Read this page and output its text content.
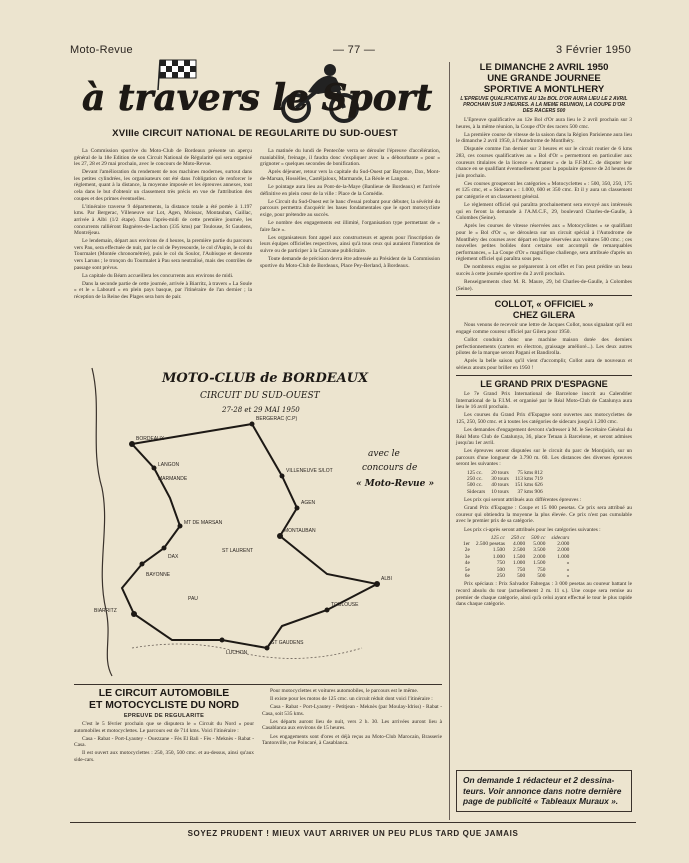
Moto-Revue	— 77 —	3 Février 1950
à travers le Sport
XVIIIe CIRCUIT NATIONAL DE REGULARITE DU SUD-OUEST

La Commission sportive du Moto-Club de Bordeaux présente un aperçu général de la 18e Edition de son Circuit National de Régularité qui sera organisé les 27, 28 et 29 mai prochain, avec le concours de Moto-Revue.

Devant l'amélioration du rendement de nos machines modernes, surtout dans les petites cylindrées, les organisateurs ont été dans l'obligation de renforcer le règlement, quant à la distance, la moyenne imposée et les épreuves annexes, tout cela dans le but d'obtenir un classement très précis en vue de l'attribution des coupes et des primes éventuelles.

L'itinéraire traverse 9 départements, la distance totale a été portée à 1.197 kms. Par Bergerac, Villeneuve sur Lot, Agen, Moissac, Montauban, Gaillac, arrivée à Albi (1/2 étape). Dans l'après-midi de cette première journée, les concurrents ralliéront Bagnères-de-Luchon (335 kms) par Toulouse, St Gaudens, Montréjeau.

Le lendemain, départ aux environs de 4 heures, la première partie du parcours vers Pau, sera effectuée de nuit, par le col de Peyresourde, le col d'Aspin, le col du Tourmalet (Montée chronométrée), puis le col du Soulor, l'Aubisque et descente vers Laruns ; le tronçon du Tourmalet à Pau sera neutralisé, mais des contrôles de passage sont prévus.

La capitale du Béarn accueillera les concurrents aux environs de midi.

Dans la seconde partie de cette journée, arrivée à Biarritz, à travers « La Soule » et le « Labourd » en plein pays basque, par l'itinéraire de l'an dernier ; la réception de la Reine des Plages sera hors de pair.

La matinée du lundi de Pentecôte verra se dérouler l'épreuve d'accélération, maniabilité, freinage, il faudra donc s'expliquer avec la « débourbante » pour « grignoter » quelques secondes de bonification.

Après déjeuner, retour vers la capitale du Sud-Ouest par Bayonne, Dax, Mont-de-Marsan, Hossèlles, Castéljaloux, Marmande, La Réole et Langon.

Le pointage aura lieu au Pont-de-la-Maye (Banlieue de Bordeaux) et l'arrivée définitive en plein cœur de la ville : Place de la Comédie.

Le Circuit du Sud-Ouest est le banc d'essai probant pour débuter, la sévérité du parcours permettra d'acquérir les bases fondamentales que le sport motocycliste exige, pour prétendre au succès.

Le nombre des engagements est illimité, l'organisation type permettant de « faire face ».

Les organisateurs font appel aux constructeurs et agents pour l'inscription de leurs équipes officielles respectives, ainsi qu'à tous ceux qui auraient l'intention de suivre ou de participer à la Caravane publicitaire.

Toute demande de précision devra être adressée au Président de la Commission sportive du Moto-Club de Bordeaux, Place Pey-Berland, à Bordeaux.

BORDEAUX
BERGERAC (C.P)
VILLENEUVE S/LOT
AGEN
MONTAUBAN
ALBI
TOULOUSE
ST GAUDENS
LUCHON
PAU
BIARRITZ
BAYONNE
DAX
MT DE MARSAN
MARMANDE
LANGON
ST LAURENT
MOTO-CLUB de BORDEAUX
CIRCUIT DU SUD-OUEST
27-28 et 29 MAI 1950
avec le
concours de
« Moto-Revue »
LE CIRCUIT AUTOMOBILE
ET MOTOCYCLISTE DU NORD
EPREUVE DE REGULARITE

C'est le 5 février prochain que se disputera le « Circuit du Nord » pour automobiles et motocyclettes. Le parcours est de 714 kms. Voici l'itinéraire :

Casa - Rabat - Port-Lyautey - Ouezzane - Fès El Bali - Fès - Meknès - Rabat - Casa.

Il est ouvert aux motocyclettes : 250, 350, 500 cmc. et au-dessus, ainsi qu'aux side-cars.

Pour motocyclettes et voitures automobiles, le parcours est le même.

Il existe pour les motos de 125 cmc. un circuit réduit dont voici l'itinéraire :

Casa - Rabat - Port-Lyautey - Petitjean - Meknès (par Moulay-Idriss) - Rabat - Casa, soit 535 kms.

Les départs auront lieu de nuit, vers 2 h. 30. Les arrivées auront lieu à Casablanca aux environs de 15 heures.

Les engagements sont d'ores et déjà reçus au Moto-Club Marocain, Brasserie Tantonville, rue Poincaré, à Casablanca.

LE DIMANCHE 2 AVRIL 1950
UNE GRANDE JOURNEE
SPORTIVE A MONTLHERY
L'EPREUVE QUALIFICATIVE AU 12e BOL D'OR AURA LIEU LE 2 AVRIL PROCHAIN SUR 3 HEURES. A LA MEME REUNION, LA COUPE D'OR DES RACERS 500

L'Epreuve qualificative au 12e Bol d'Or aura lieu le 2 avril prochain sur 3 heures, à la même réunion, la Coupe d'Or des racers 500 cmc.

La première course de vitesse de la saison dans la Région Parisienne aura lieu le dimanche 2 avril 1950, à l'Autodrome de Montlhéry.

Disputée comme l'an dernier sur 3 heures et sur le circuit routier de 6 kms 283, ces courses qualificatives au « Bol d'Or » permettront en particulier aux coureurs titulaires de la licence « Amateur » de la F.F.M.C. de disputer leur chance en se qualifiant éventuellement pour la populaire épreuve de 24 heures de juin prochain.

Ces courses grouperont les catégories « Motocyclettes » : 500, 350, 250, 175 et 125 cmc, et « Sidecars » : 1.000, 600 et 350 cmc. Et il y aura un classement par catégorie et un classement général.

Le règlement officiel qui paraîtra prochainement sera envoyé aux intéressés qui en feront la demande à l'A.M.C.F., 29, boulevard Charles-de-Gaulle, à Colombes (Seine).

Après les courses de vitesse réservées aux « Motocyclistes » se qualifiant pour le « Bol d'Or », se déroulera sur un circuit spécial à l'Autodrome de Montlhéry des courses avec départ en ligne réservées aux voitures 500 cmc. ; ces nouvelles petites bolides dont certains ont accompli de remarquables performances, « La Coupe d'Or » magnifique challenge, sera attribuée d'après un règlement officiel qui paraîtra sous peu.

De nombreux engins se prépareront à cet effet et l'on peut prédire un beau succès à cette journée sportive du 2 avril prochain.

Renseignements chez M. R. Maure, 29, bd Charles-de-Gaulle, à Colombes (Seine).

COLLOT, « OFFICIEL »
CHEZ GILERA

Nous venons de recevoir une lettre de Jacques Collot, nous signalant qu'il est engagé comme coureur officiel par Gilera pour 1950.

Collot conduira donc une machine maison dotée des derniers perfectionnements (carters en électron, graissage amélioré...). Les deux autres pilotes de la marque seront Pagani et Bandirolla.

Après la belle saison qu'il vient d'accomplir, Collot aura de nouveaux et sérieux atouts pour briller en 1950 !

LE GRAND PRIX D'ESPAGNE

Le 7e Grand Prix International de Barcelone inscrit au Calendrier International de la F.I.M. et organisé par le Réal Moto-Club de Catalunya aura lieu le 16 avril prochain.

Les courses du Grand Prix d'Espagne sont ouvertes aux motocyclettes de 125, 250, 500 cmc. et à toutes les catégories de sidecars jusqu'à 1.200 cmc.

Les demandes d'engagement devront s'adresser à M. le Secrétaire Général du Réal Moto Club de Catalunya, 36, place Tetuan à Barcelone, et seront admises jusqu'au 1er avril.

Les épreuves seront disputées sur le circuit du parc de Montjuich, sur un parcours d'une longueur de 3.790 m. 60. Les distances des diverses épreuves seront les suivantes :

125 cc.	20 tours	75 kms 812
250 cc.	30 tours	113 kms 719
500 cc.	40 tours	151 kms 626
Sidecars	10 tours	37 kms 906

Les prix qui seront attribués aux différentes épreuves :

Grand Prix d'Espagne : Coupe et 15 000 pesetas. Ce prix sera attribué au coureur qui obtiendra la moyenne la plus élevée. Ce prix n'est pas cumulable avec le premier prix de sa catégorie.

Les prix ci-après seront attribués pour les catégories suivantes :

	125 cc	250 cc	500 cc	sidecars
1er	2.500 pesetas	4.000	5.000	2.000
2e	1.500	2.500	3.500	2.000
3e	1.000	1.500	2.000	1.000
4e	750	1.000	1.500	»
5e	500	750	750	»
6e	250	500	500	»

Prix spéciaux : Prix Salvador Fabregas : 3 000 pesetas au coureur battant le record absolu du tour (actuellement 2 m. 11 s.). Une coupe sera remise au premier de chaque catégorie, ainsi qu'à celui ayant effectué le tour le plus rapide dans chaque catégorie.

On demande 1 rédacteur et 2 dessina-
teurs. Voir annonce dans notre dernière
page de publicité « Tableaux Muraux ».
SOYEZ PRUDENT ! MIEUX VAUT ARRIVER UN PEU PLUS TARD QUE JAMAIS
